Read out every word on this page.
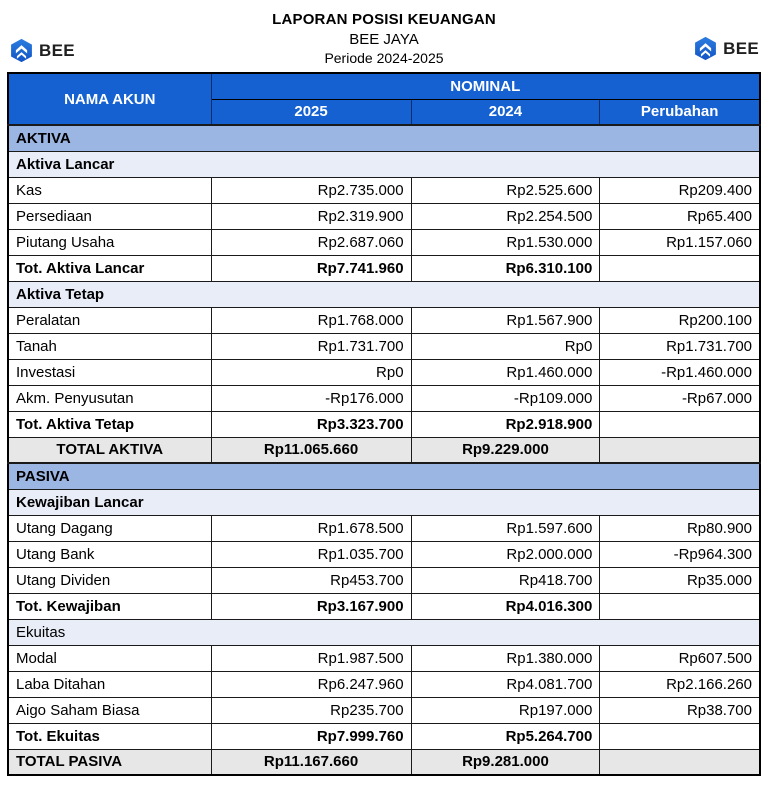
BEE
LAPORAN POSISI KEUANGAN
BEE JAYA
Periode 2024-2025
BEE
NAMA AKUN	NOMINAL		
	2025	2024	Perubahan
AKTIVA			
Aktiva Lancar			
Kas	Rp2.735.000	Rp2.525.600	Rp209.400
Persediaan	Rp2.319.900	Rp2.254.500	Rp65.400
Piutang Usaha	Rp2.687.060	Rp1.530.000	Rp1.157.060
Tot. Aktiva Lancar	Rp7.741.960	Rp6.310.100	
Aktiva Tetap			
Peralatan	Rp1.768.000	Rp1.567.900	Rp200.100
Tanah	Rp1.731.700	Rp0	Rp1.731.700
Investasi	Rp0	Rp1.460.000	-Rp1.460.000
Akm. Penyusutan	-Rp176.000	-Rp109.000	-Rp67.000
Tot. Aktiva Tetap	Rp3.323.700	Rp2.918.900	
TOTAL AKTIVA	Rp11.065.660	Rp9.229.000	
PASIVA			
Kewajiban Lancar			
Utang Dagang	Rp1.678.500	Rp1.597.600	Rp80.900
Utang Bank	Rp1.035.700	Rp2.000.000	-Rp964.300
Utang Dividen	Rp453.700	Rp418.700	Rp35.000
Tot. Kewajiban	Rp3.167.900	Rp4.016.300	
Ekuitas			
Modal	Rp1.987.500	Rp1.380.000	Rp607.500
Laba Ditahan	Rp6.247.960	Rp4.081.700	Rp2.166.260
Aigo Saham Biasa	Rp235.700	Rp197.000	Rp38.700
Tot. Ekuitas	Rp7.999.760	Rp5.264.700	
TOTAL PASIVA	Rp11.167.660	Rp9.281.000	
